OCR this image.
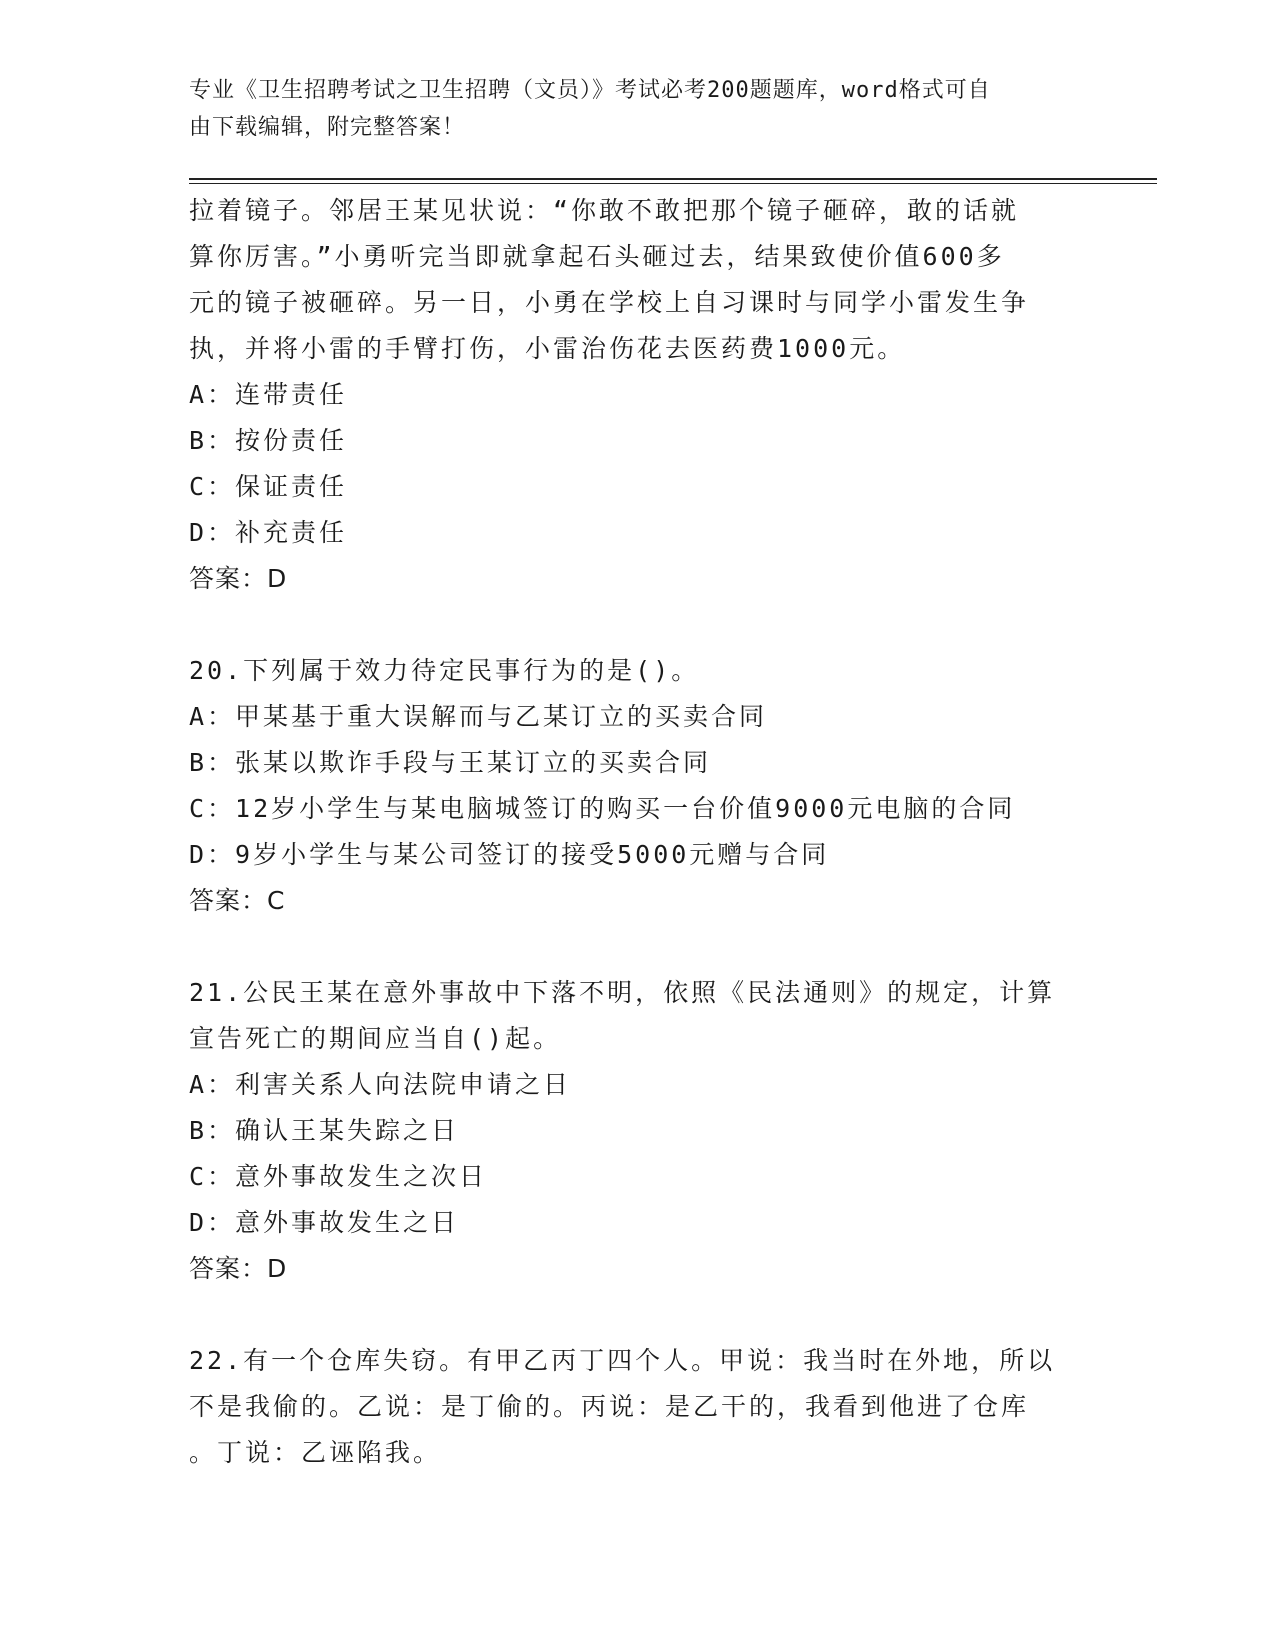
专业《卫生招聘考试之卫生招聘（文员）》考试必考200题题库，word格式可自
由下载编辑，附完整答案！
拉着镜子。邻居王某见状说：“你敢不敢把那个镜子砸碎，敢的话就
算你厉害。”小勇听完当即就拿起石头砸过去，结果致使价值600多
元的镜子被砸碎。另一日，小勇在学校上自习课时与同学小雷发生争
执，并将小雷的手臂打伤，小雷治伤花去医药费1000元。
A：连带责任
B：按份责任
C：保证责任
D：补充责任
答案：D
20.下列属于效力待定民事行为的是()。
A：甲某基于重大误解而与乙某订立的买卖合同
B：张某以欺诈手段与王某订立的买卖合同
C：12岁小学生与某电脑城签订的购买一台价值9000元电脑的合同
D：9岁小学生与某公司签订的接受5000元赠与合同
答案：C
21.公民王某在意外事故中下落不明，依照《民法通则》的规定，计算
宣告死亡的期间应当自()起。
A：利害关系人向法院申请之日
B：确认王某失踪之日
C：意外事故发生之次日
D：意外事故发生之日
答案：D
22.有一个仓库失窃。有甲乙丙丁四个人。甲说：我当时在外地，所以
不是我偷的。乙说：是丁偷的。丙说：是乙干的，我看到他进了仓库
。丁说：乙诬陷我。
